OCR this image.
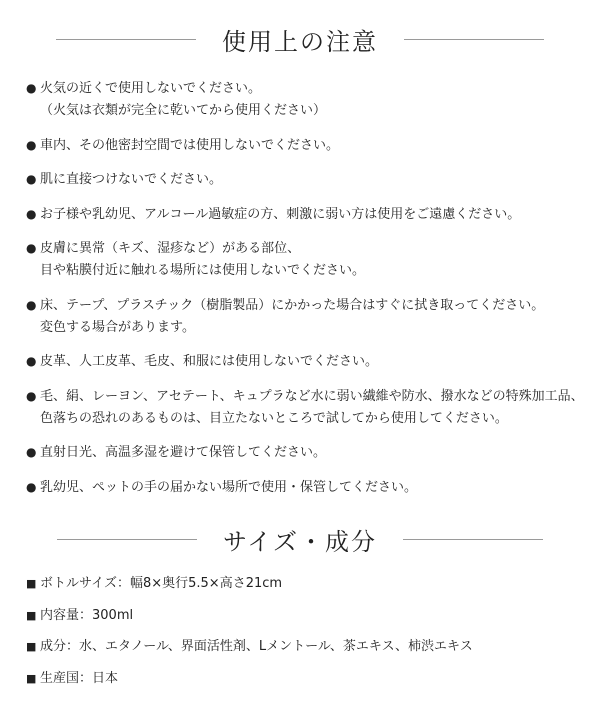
使用上の注意
● 火気の近くで使用しないでください。
（火気は衣類が完全に乾いてから使用ください）
● 車内、その他密封空間では使用しないでください。
● 肌に直接つけないでください。
● お子様や乳幼児、アルコール過敏症の方、刺激に弱い方は使用をご遠慮ください。
● 皮膚に異常（キズ、湿疹など）がある部位、
目や粘膜付近に触れる場所には使用しないでください。
● 床、テープ、プラスチック（樹脂製品）にかかった場合はすぐに拭き取ってください。
変色する場合があります。
● 皮革、人工皮革、毛皮、和服には使用しないでください。
● 毛、絹、レーヨン、アセテート、キュプラなど水に弱い繊維や防水、撥水などの特殊加工品、
色落ちの恐れのあるものは、目立たないところで試してから使用してください。
● 直射日光、高温多湿を避けて保管してください。
● 乳幼児、ペットの手の届かない場所で使用・保管してください。
サイズ・成分
■ ボトルサイズ：幅8×奥行5.5×高さ21cm
■ 内容量：300ml
■ 成分：水、エタノール、界面活性剤、Lメントール、茶エキス、柿渋エキス
■ 生産国：日本
